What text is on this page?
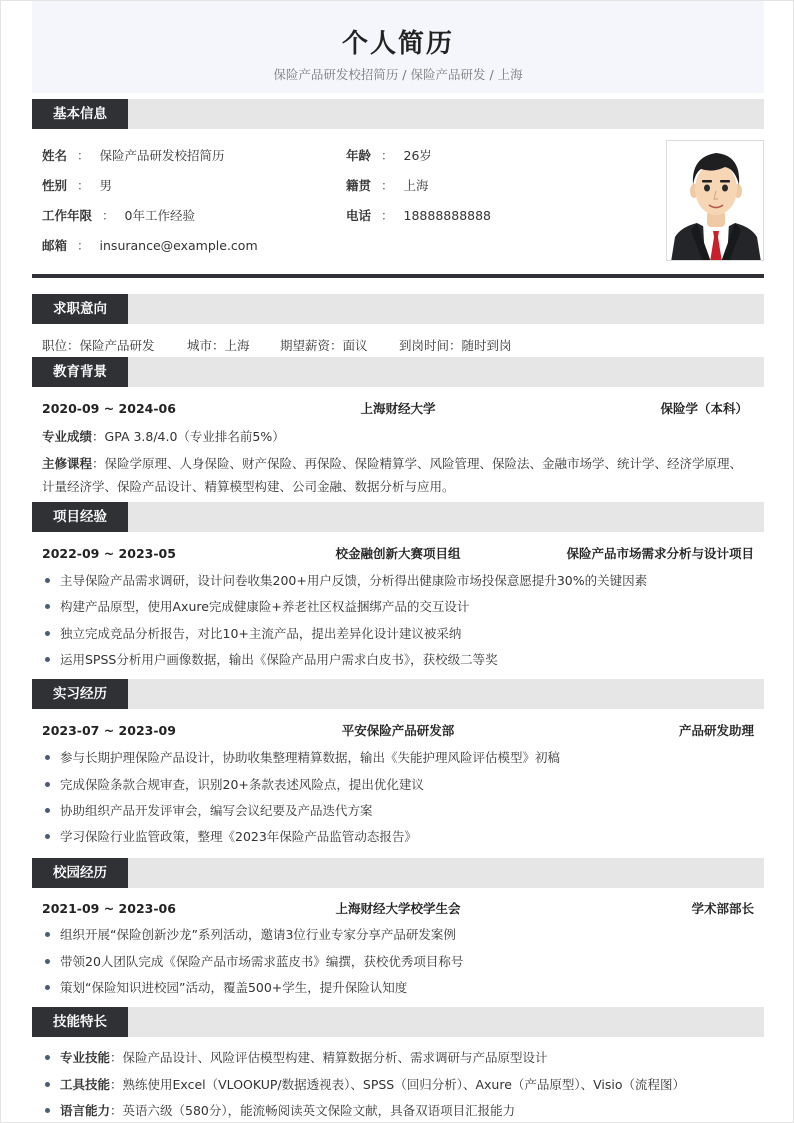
个人简历
保险产品研发校招简历 / 保险产品研发 / 上海
基本信息
姓名 ： 保险产品研发校招简历	年龄 ： 26岁
性别 ： 男	籍贯 ： 上海
工作年限 ： 0年工作经验	电话 ： 18888888888
邮箱 ： insurance@example.com
求职意向
职位：保险产品研发	城市：上海 期望薪资：面议	到岗时间：随时到岗
教育背景
2020-09 ~ 2024-06	上海财经大学	保险学（本科）
专业成绩：GPA 3.8/4.0（专业排名前5%）
主修课程：保险学原理、人身保险、财产保险、再保险、保险精算学、风险管理、保险法、金融市场学、统计学、经济学原理、计量经济学、保险产品设计、精算模型构建、公司金融、数据分析与应用。
项目经验
2022-09 ~ 2023-05	校金融创新大赛项目组	保险产品市场需求分析与设计项目
主导保险产品需求调研，设计问卷收集200+用户反馈，分析得出健康险市场投保意愿提升30%的关键因素
构建产品原型，使用Axure完成健康险+养老社区权益捆绑产品的交互设计
独立完成竞品分析报告，对比10+主流产品，提出差异化设计建议被采纳
运用SPSS分析用户画像数据，输出《保险产品用户需求白皮书》，获校级二等奖
实习经历
2023-07 ~ 2023-09	平安保险产品研发部	产品研发助理
参与长期护理保险产品设计，协助收集整理精算数据，输出《失能护理风险评估模型》初稿
完成保险条款合规审查，识别20+条款表述风险点，提出优化建议
协助组织产品开发评审会，编写会议纪要及产品迭代方案
学习保险行业监管政策，整理《2023年保险产品监管动态报告》
校园经历
2021-09 ~ 2023-06	上海财经大学校学生会	学术部部长
组织开展“保险创新沙龙”系列活动，邀请3位行业专家分享产品研发案例
带领20人团队完成《保险产品市场需求蓝皮书》编撰，获校优秀项目称号
策划“保险知识进校园”活动，覆盖500+学生，提升保险认知度
技能特长
专业技能：保险产品设计、风险评估模型构建、精算数据分析、需求调研与产品原型设计
工具技能：熟练使用Excel（VLOOKUP/数据透视表）、SPSS（回归分析）、Axure（产品原型）、Visio（流程图）
语言能力：英语六级（580分），能流畅阅读英文保险文献，具备双语项目汇报能力
